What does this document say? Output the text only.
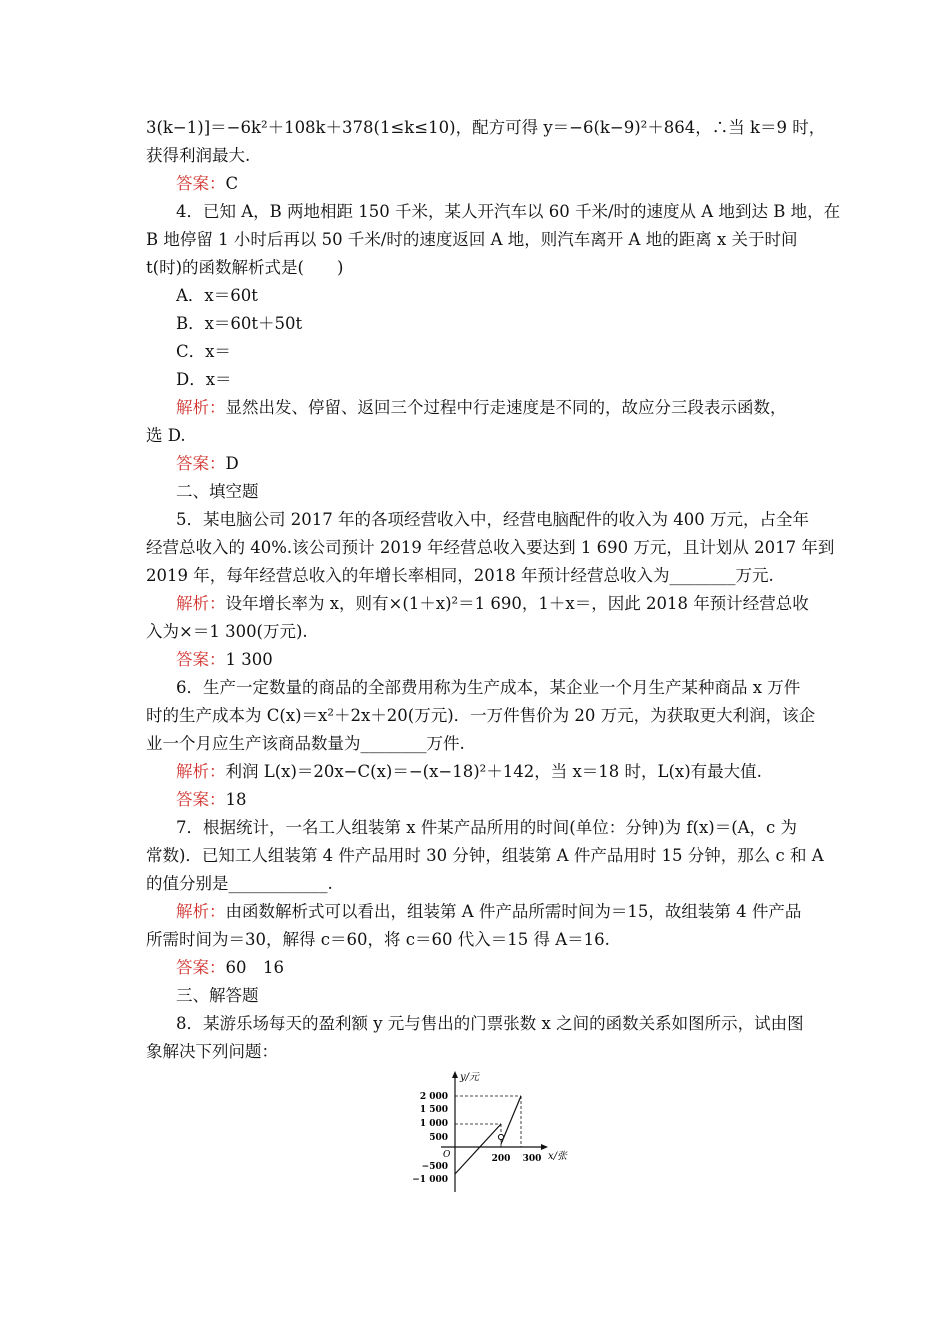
3(k−1)]＝−6k²＋108k＋378(1≤k≤10)，配方可得 y＝−6(k−9)²＋864，∴当 k＝9 时，
获得利润最大.
答案：C
4．已知 A，B 两地相距 150 千米，某人开汽车以 60 千米/时的速度从 A 地到达 B 地，在
B 地停留 1 小时后再以 50 千米/时的速度返回 A 地，则汽车离开 A 地的距离 x 关于时间
t(时)的函数解析式是(　　)
A．x＝60t
B．x＝60t＋50t
C．x＝
D．x＝
解析：显然出发、停留、返回三个过程中行走速度是不同的，故应分三段表示函数，
选 D.
答案：D
二、填空题
5．某电脑公司 2017 年的各项经营收入中，经营电脑配件的收入为 400 万元，占全年
经营总收入的 40%.该公司预计 2019 年经营总收入要达到 1 690 万元，且计划从 2017 年到
2019 年，每年经营总收入的年增长率相同，2018 年预计经营总收入为________万元.
解析：设年增长率为 x，则有×(1＋x)²＝1 690，1＋x＝，因此 2018 年预计经营总收
入为×＝1 300(万元).
答案：1 300
6．生产一定数量的商品的全部费用称为生产成本，某企业一个月生产某种商品 x 万件
时的生产成本为 C(x)＝x²＋2x＋20(万元)．一万件售价为 20 万元，为获取更大利润，该企
业一个月应生产该商品数量为________万件.
解析：利润 L(x)＝20x−C(x)＝−(x−18)²＋142，当 x＝18 时，L(x)有最大值.
答案：18
7．根据统计，一名工人组装第 x 件某产品所用的时间(单位：分钟)为 f(x)＝(A，c 为
常数)．已知工人组装第 4 件产品用时 30 分钟，组装第 A 件产品用时 15 分钟，那么 c 和 A
的值分别是____________.
解析：由函数解析式可以看出，组装第 A 件产品所需时间为＝15，故组装第 4 件产品
所需时间为＝30，解得 c＝60，将 c＝60 代入＝15 得 A＝16.
答案：60　16
三、解答题
8．某游乐场每天的盈利额 y 元与售出的门票张数 x 之间的函数关系如图所示，试由图
象解决下列问题：
y/元
x/张
O
2 000
1 500
1 000
500
−500
−1 000
200 300
